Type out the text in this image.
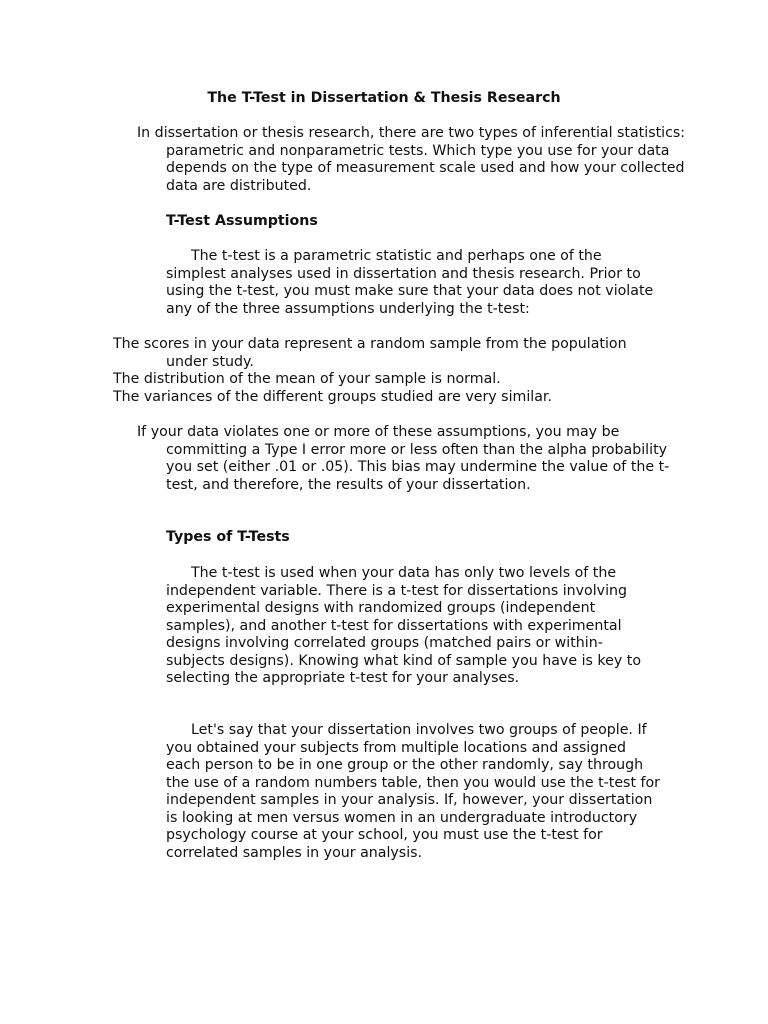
The T-Test in Dissertation & Thesis Research
In dissertation or thesis research, there are two types of inferential statistics: parametric and nonparametric tests. Which type you use for your data depends on the type of measurement scale used and how your collected data are distributed.
T-Test Assumptions
The t-test is a parametric statistic and perhaps one of the simplest analyses used in dissertation and thesis research. Prior to using the t-test, you must make sure that your data does not violate any of the three assumptions underlying the t-test:
The scores in your data represent a random sample from the population under study.
The distribution of the mean of your sample is normal.
The variances of the different groups studied are very similar.
If your data violates one or more of these assumptions, you may be committing a Type I error more or less often than the alpha probability you set (either .01 or .05). This bias may undermine the value of the t-test, and therefore, the results of your dissertation.
Types of T-Tests
The t-test is used when your data has only two levels of the independent variable. There is a t-test for dissertations involving experimental designs with randomized groups (independent samples), and another t-test for dissertations with experimental designs involving correlated groups (matched pairs or within-subjects designs). Knowing what kind of sample you have is key to selecting the appropriate t-test for your analyses.
Let's say that your dissertation involves two groups of people. If you obtained your subjects from multiple locations and assigned each person to be in one group or the other randomly, say through the use of a random numbers table, then you would use the t-test for independent samples in your analysis. If, however, your dissertation is looking at men versus women in an undergraduate introductory psychology course at your school, you must use the t-test for correlated samples in your analysis.
